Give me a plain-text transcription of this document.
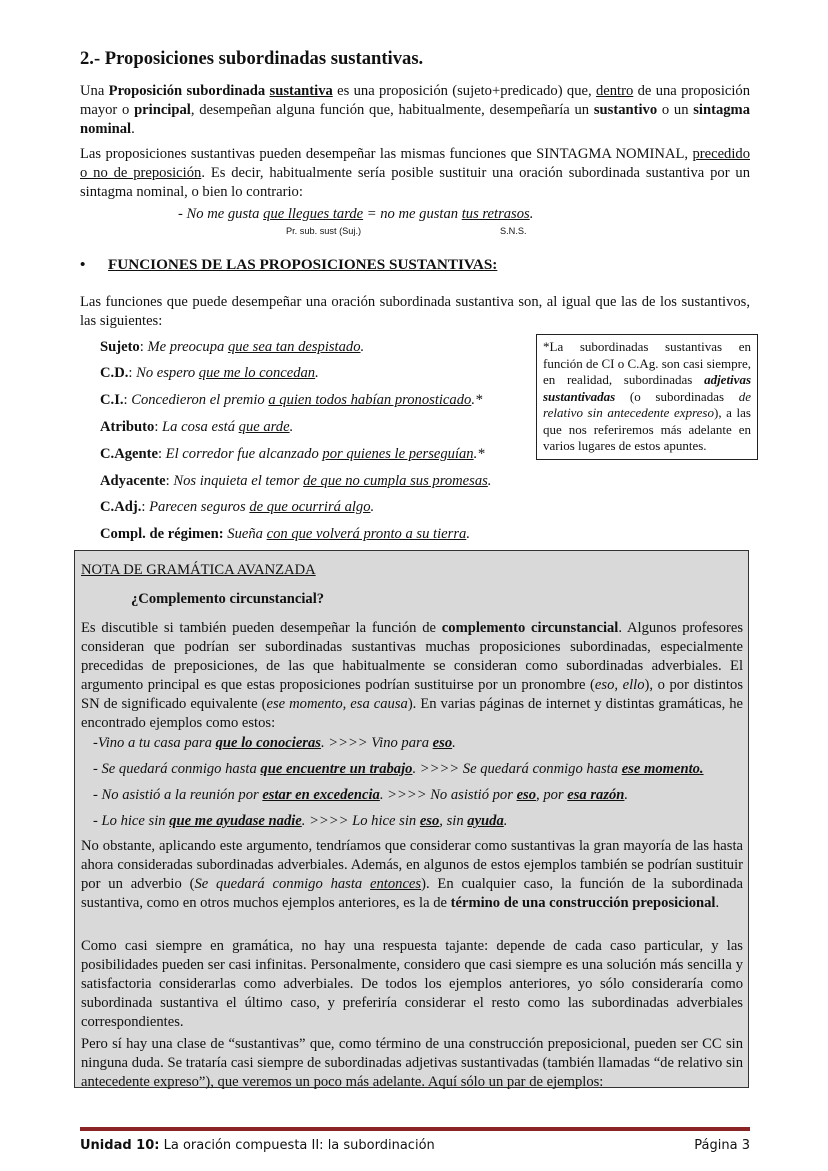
2.- Proposiciones subordinadas sustantivas.

Una Proposición subordinada sustantiva es una proposición (sujeto+predicado) que, dentro de una proposición mayor o principal, desempeñan alguna función que, habitualmente, desempeñaría un sustantivo o un sintagma nominal.

Las proposiciones sustantivas pueden desempeñar las mismas funciones que SINTAGMA NOMINAL, precedido o no de preposición. Es decir, habitualmente sería posible sustituir una oración subordinada sustantiva por un sintagma nominal, o bien lo contrario:

- No me gusta que llegues tarde = no me gustan tus retrasos.
Pr. sub. sust (Suj.)	S.N.S.
• FUNCIONES DE LAS PROPOSICIONES SUSTANTIVAS:

Las funciones que puede desempeñar una oración subordinada sustantiva son, al igual que las de los sustantivos, las siguientes:

Sujeto: Me preocupa que sea tan despistado.
C.D.: No espero que me lo concedan.
C.I.: Concedieron el premio a quien todos habían pronosticado.*
Atributo: La cosa está que arde.
C.Agente: El corredor fue alcanzado por quienes le perseguían.*
Adyacente: Nos inquieta el temor de que no cumpla sus promesas.
C.Adj.: Parecen seguros de que ocurrirá algo.
Compl. de régimen: Sueña con que volverá pronto a su tierra.
*La subordinadas sustantivas en función de CI o C.Ag. son casi siempre, en realidad, subordinadas adjetivas sustantivadas (o subordinadas de relativo sin antecedente expreso), a las que nos referiremos más adelante en varios lugares de estos apuntes.
NOTA DE GRAMÁTICA AVANZADA
¿Complemento circunstancial?

Es discutible si también pueden desempeñar la función de complemento circunstancial. Algunos profesores consideran que podrían ser subordinadas sustantivas muchas proposiciones subordinadas, especialmente precedidas de preposiciones, de las que habitualmente se consideran como subordinadas adverbiales. El argumento principal es que estas proposiciones podrían sustituirse por un pronombre (eso, ello), o por distintos SN de significado equivalente (ese momento, esa causa). En varias páginas de internet y distintas gramáticas, he encontrado ejemplos como estos:

-Vino a tu casa para que lo conocieras. >>>> Vino para eso.
- Se quedará conmigo hasta que encuentre un trabajo. >>>> Se quedará conmigo hasta ese momento.
- No asistió a la reunión por estar en excedencia. >>>> No asistió por eso, por esa razón.
- Lo hice sin que me ayudase nadie. >>>> Lo hice sin eso, sin ayuda.

No obstante, aplicando este argumento, tendríamos que considerar como sustantivas la gran mayoría de las hasta ahora consideradas subordinadas adverbiales. Además, en algunos de estos ejemplos también se podrían sustituir por un adverbio (Se quedará conmigo hasta entonces). En cualquier caso, la función de la subordinada sustantiva, como en otros muchos ejemplos anteriores, es la de término de una construcción preposicional.

Como casi siempre en gramática, no hay una respuesta tajante: depende de cada caso particular, y las posibilidades pueden ser casi infinitas. Personalmente, considero que casi siempre es una solución más sencilla y satisfactoria considerarlas como adverbiales. De todos los ejemplos anteriores, yo sólo consideraría como subordinada sustantiva el último caso, y preferiría considerar el resto como las subordinadas adverbiales correspondientes.

Pero sí hay una clase de “sustantivas” que, como término de una construcción preposicional, pueden ser CC sin ninguna duda. Se trataría casi siempre de subordinadas adjetivas sustantivadas (también llamadas “de relativo sin antecedente expreso”), que veremos un poco más adelante. Aquí sólo un par de ejemplos:

Unidad 10: La oración compuesta II: la subordinación	Página 3
